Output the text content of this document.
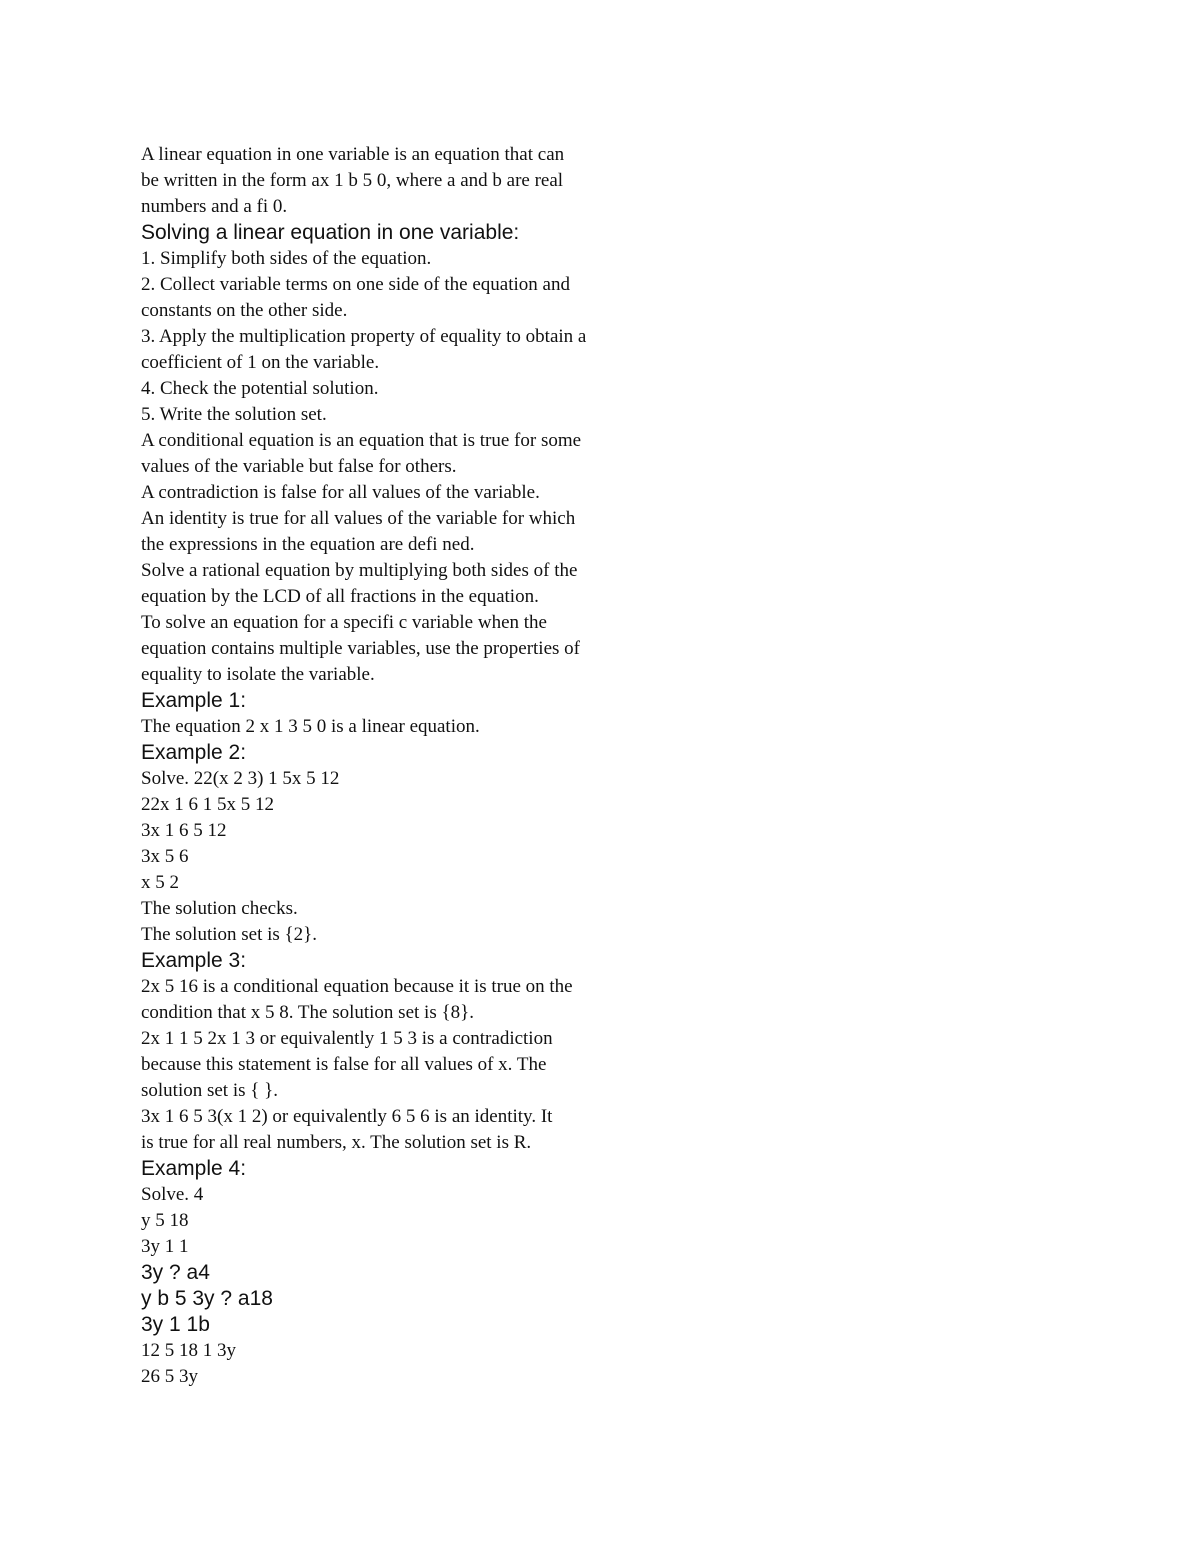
A linear equation in one variable is an equation that can
be written in the form ax 1 b 5 0, where a and b are real
numbers and a fi 0.
Solving a linear equation in one variable:
1. Simplify both sides of the equation.
2. Collect variable terms on one side of the equation and
constants on the other side.
3. Apply the multiplication property of equality to obtain a
coefficient of 1 on the variable.
4. Check the potential solution.
5. Write the solution set.
A conditional equation is an equation that is true for some
values of the variable but false for others.
A contradiction is false for all values of the variable.
An identity is true for all values of the variable for which
the expressions in the equation are defi ned.
Solve a rational equation by multiplying both sides of the
equation by the LCD of all fractions in the equation.
To solve an equation for a specifi c variable when the
equation contains multiple variables, use the properties of
equality to isolate the variable.
Example 1:
The equation 2 x 1 3 5 0 is a linear equation.
Example 2:
Solve. 22(x 2 3) 1 5x 5 12
22x 1 6 1 5x 5 12
3x 1 6 5 12
3x 5 6
x 5 2
The solution checks.
The solution set is {2}.
Example 3:
2x 5 16 is a conditional equation because it is true on the
condition that x 5 8. The solution set is {8}.
2x 1 1 5 2x 1 3 or equivalently 1 5 3 is a contradiction
because this statement is false for all values of x. The
solution set is { }.
3x 1 6 5 3(x 1 2) or equivalently 6 5 6 is an identity. It
is true for all real numbers, x. The solution set is R.
Example 4:
Solve. 4
y 5 18
3y 1 1
3y ? a4
y b 5 3y ? a18
3y 1 1b
12 5 18 1 3y
26 5 3y
